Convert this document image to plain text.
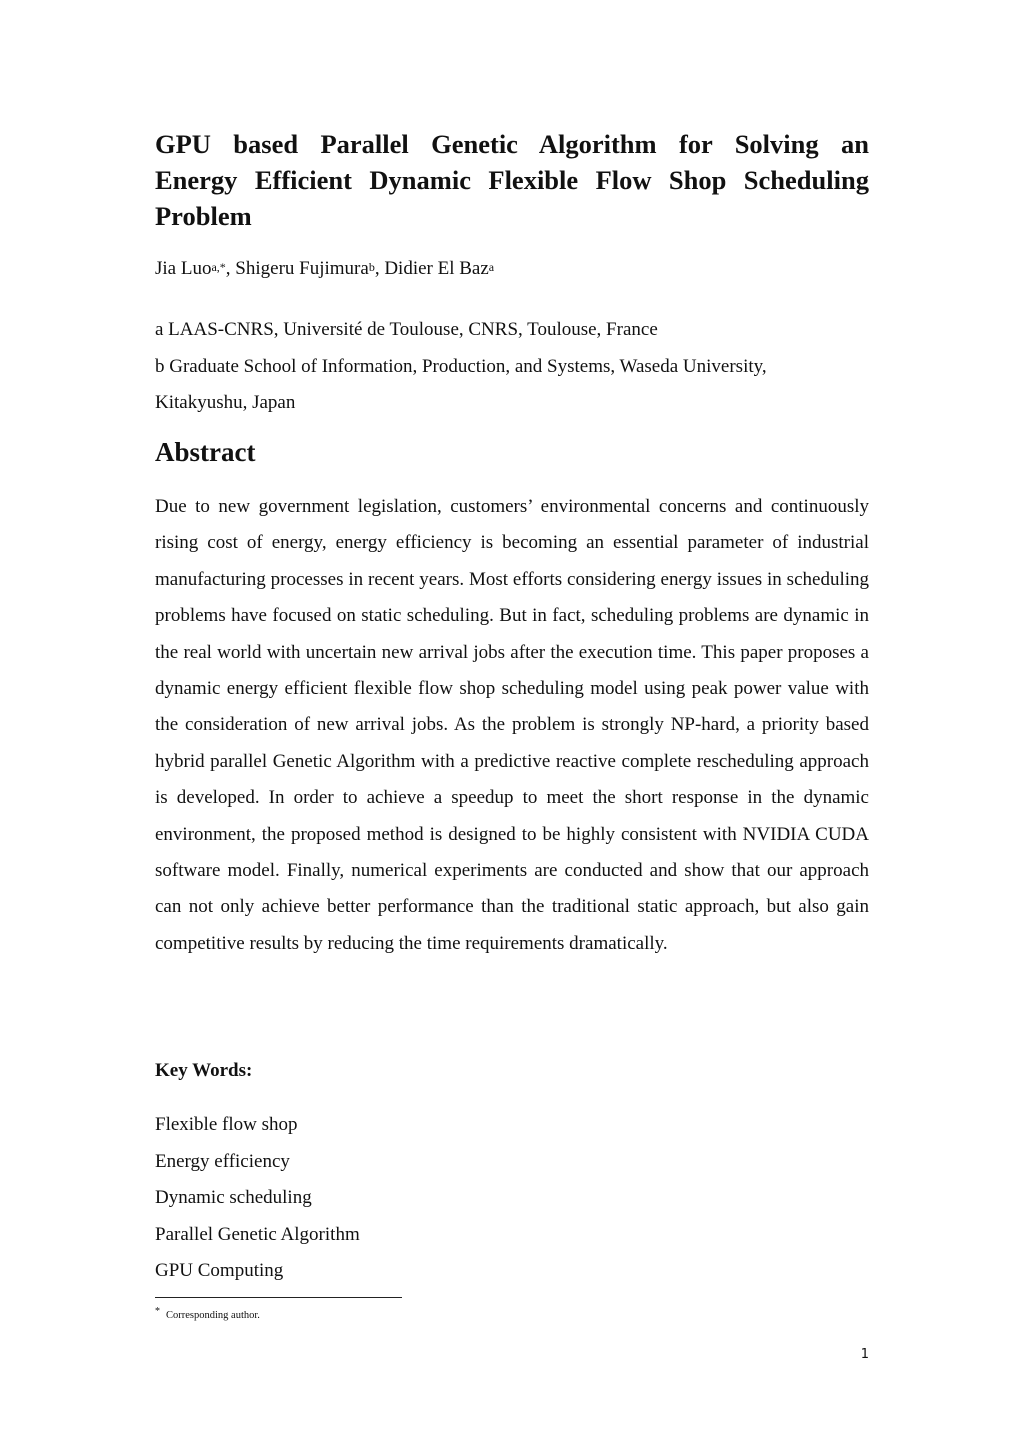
GPU based Parallel Genetic Algorithm for Solving an
Energy Efficient Dynamic Flexible Flow Shop Scheduling
Problem
Jia Luo$^{a,*}$, Shigeru Fujimura$^b$, Didier El Baz$^a$
a LAAS-CNRS, Université de Toulouse, CNRS, Toulouse, France
b Graduate School of Information, Production, and Systems, Waseda University,
Kitakyushu, Japan
Abstract

Due to new government legislation, customers’ environmental concerns and continuously rising cost of energy, energy efficiency is becoming an essential parameter of industrial manufacturing processes in recent years. Most efforts considering energy issues in scheduling problems have focused on static scheduling. But in fact, scheduling problems are dynamic in the real world with uncertain new arrival jobs after the execution time. This paper proposes a dynamic energy efficient flexible flow shop scheduling model using peak power value with the consideration of new arrival jobs. As the problem is strongly NP-hard, a priority based hybrid parallel Genetic Algorithm with a predictive reactive complete rescheduling approach is developed. In order to achieve a speedup to meet the short response in the dynamic environment, the proposed method is designed to be highly consistent with NVIDIA CUDA software model. Finally, numerical experiments are conducted and show that our approach can not only achieve better performance than the traditional static approach, but also gain competitive results by reducing the time requirements dramatically.

Key Words:
Flexible flow shop
Energy efficiency
Dynamic scheduling
Parallel Genetic Algorithm
GPU Computing
* Corresponding author.
1
